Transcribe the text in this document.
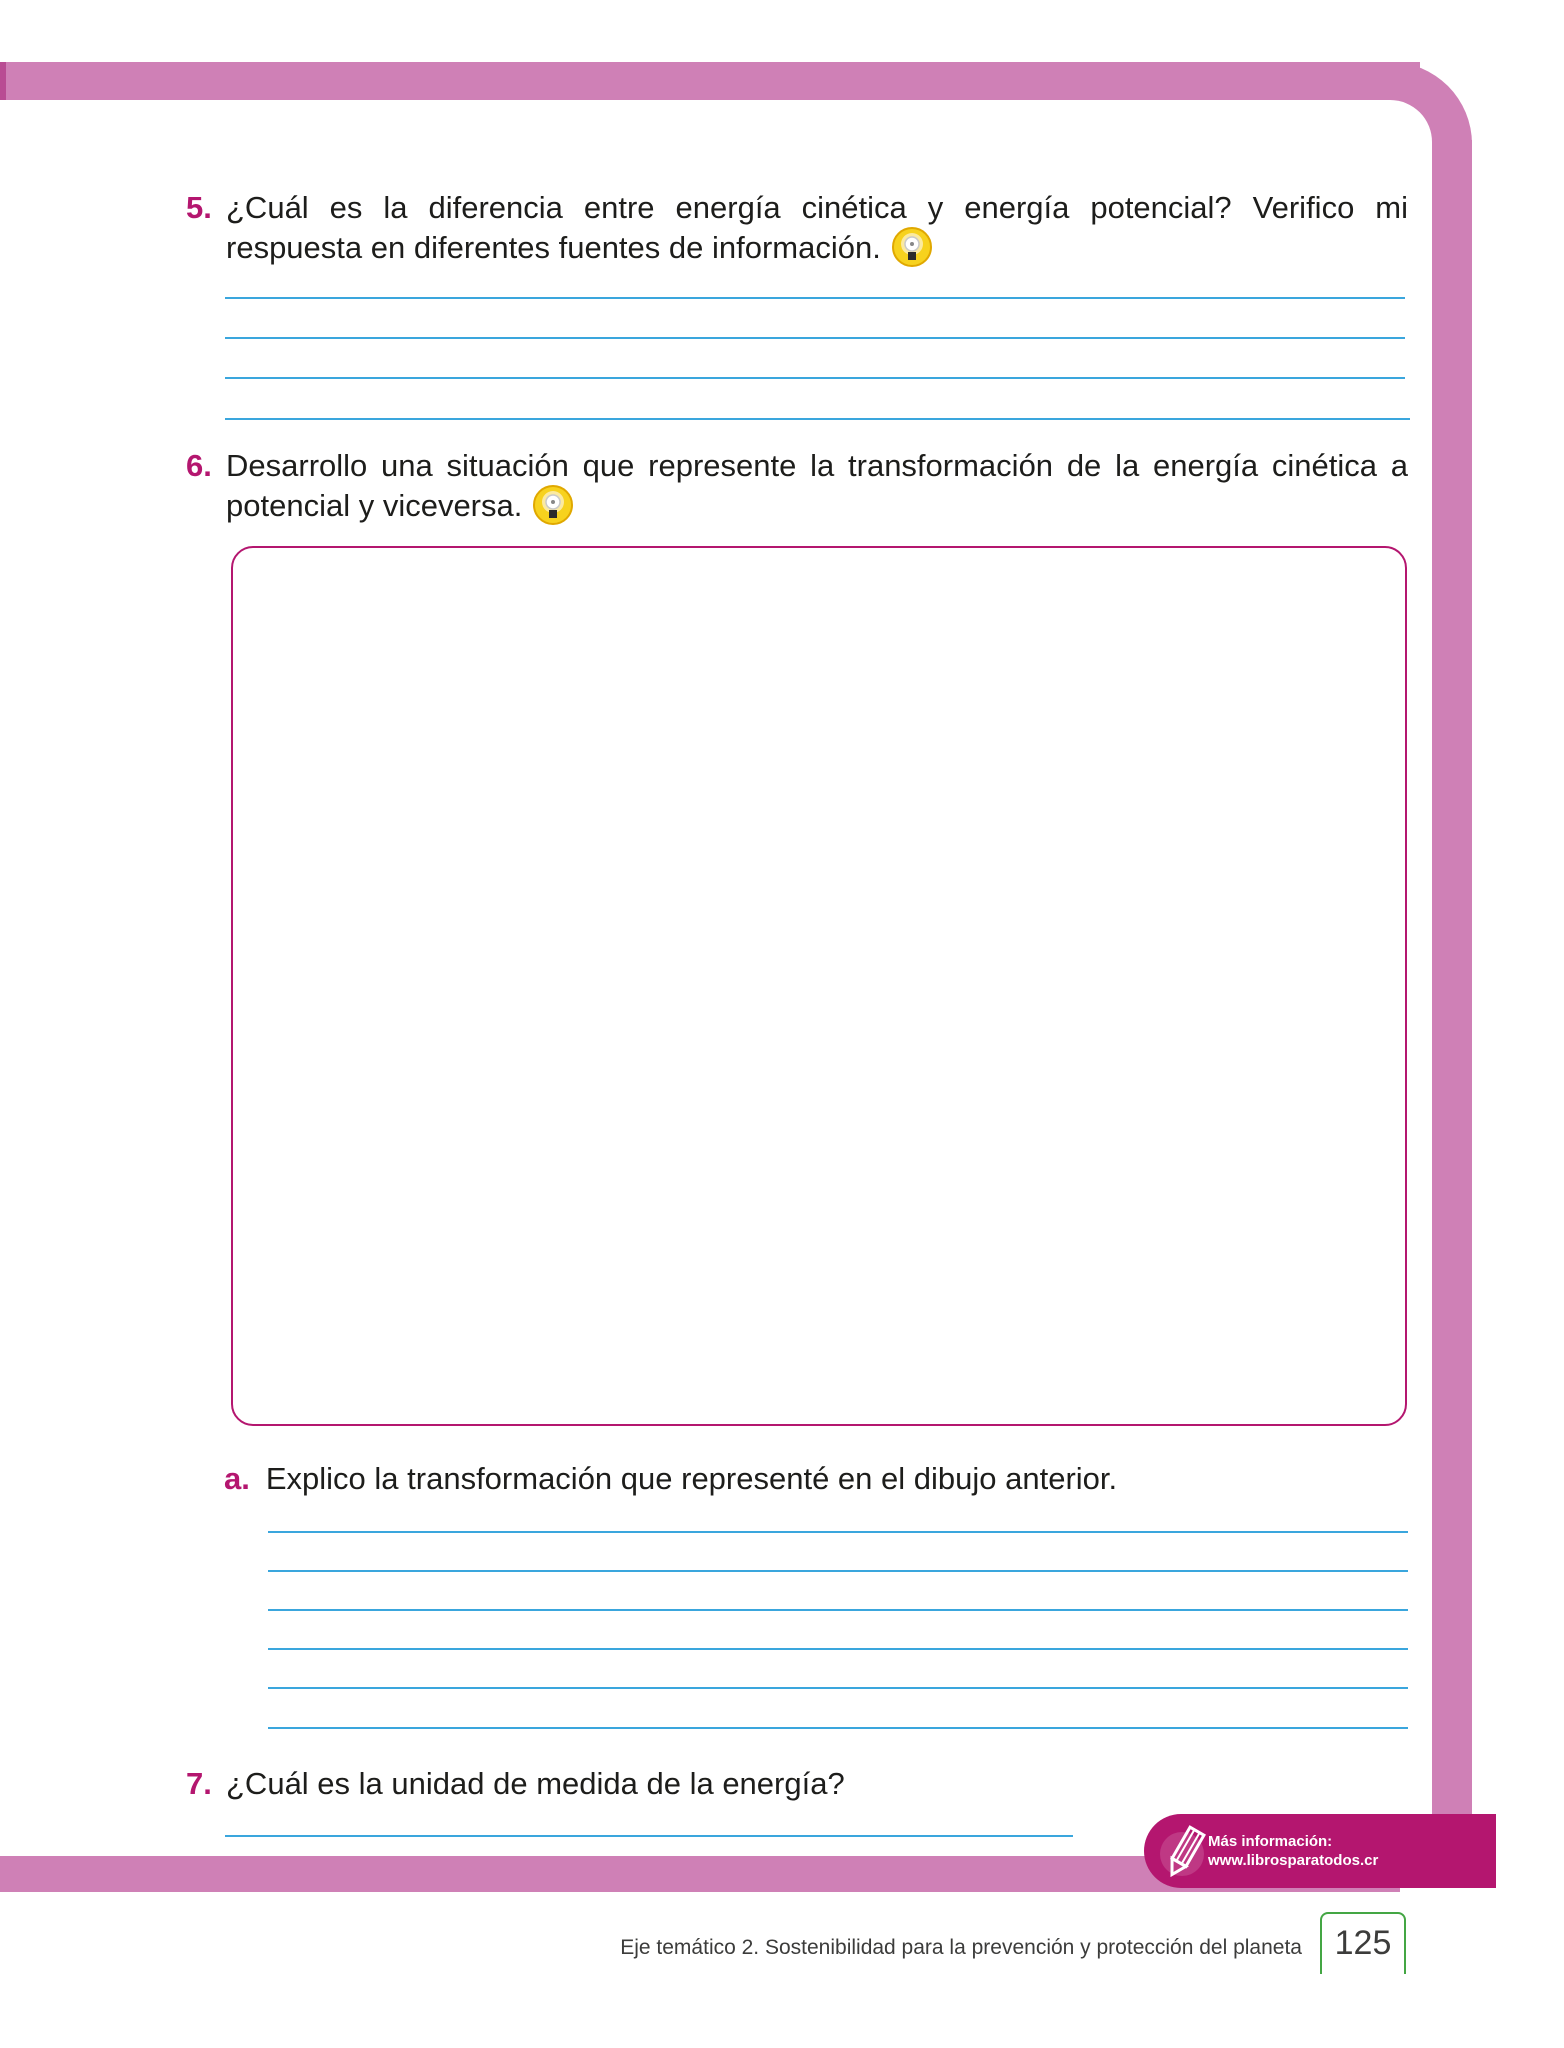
5. ¿Cuál es la diferencia entre energía cinética y energía potencial? Verifico mi respuesta en diferentes fuentes de información.
6. Desarrollo una situación que represente la transformación de la energía cinética a potencial y viceversa.
a. Explico la transformación que representé en el dibujo anterior.
7. ¿Cuál es la unidad de medida de la energía?
Más información:
www.librosparatodos.cr
Eje temático 2. Sostenibilidad para la prevención y protección del planeta 125
